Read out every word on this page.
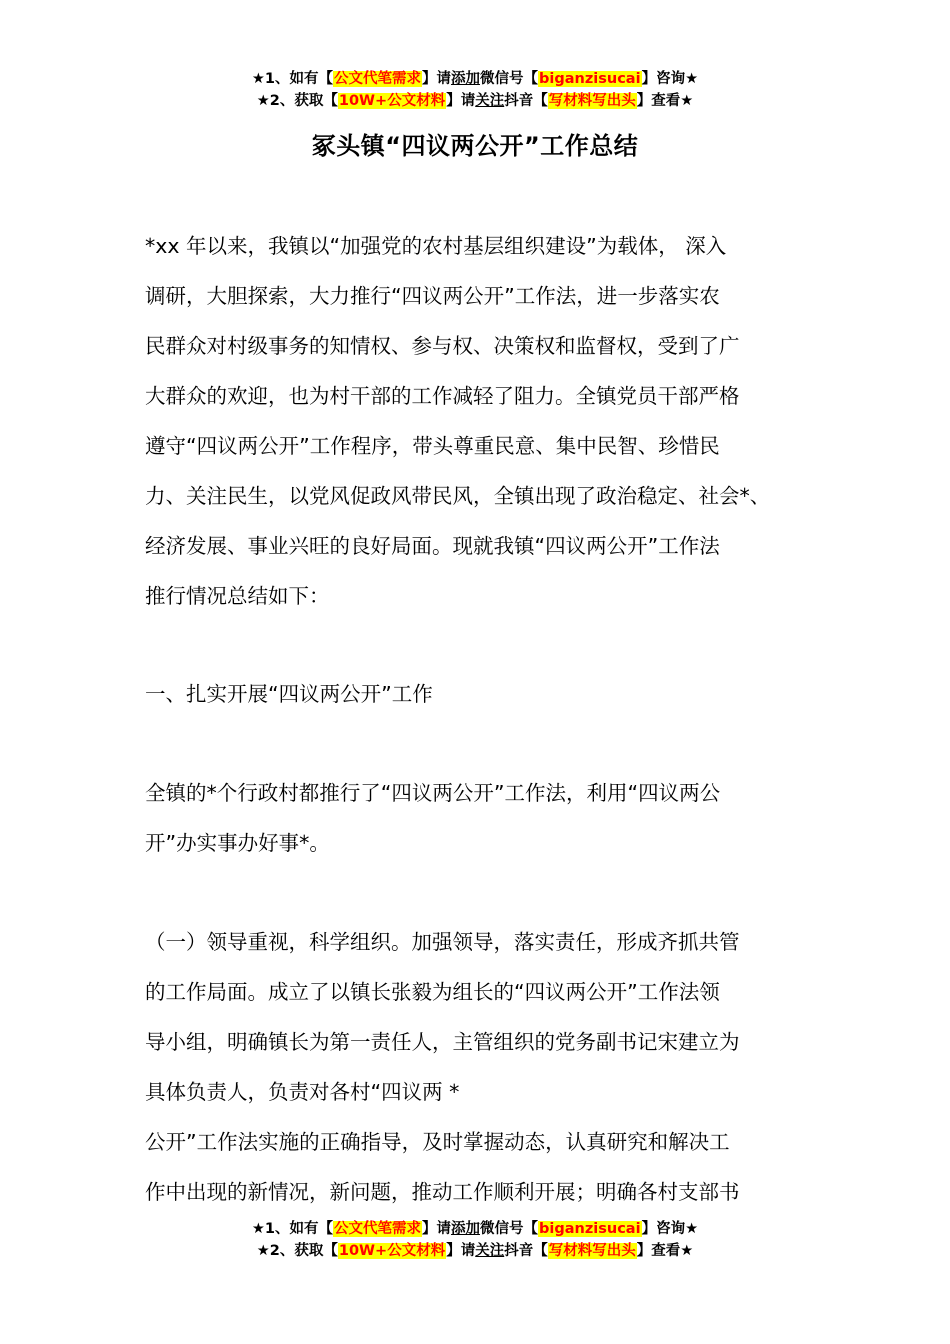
★1、如有【公文代笔需求】请添加微信号【biganzisucai】咨询★
★2、获取【10W+公文材料】请关注抖音【写材料写出头】查看★
冢头镇“四议两公开”工作总结

*xx 年以来，我镇以“加强党的农村基层组织建设”为载体， 深入

调研，大胆探索，大力推行“四议两公开”工作法，进一步落实农

民群众对村级事务的知情权、参与权、决策权和监督权，受到了广

大群众的欢迎，也为村干部的工作减轻了阻力。全镇党员干部严格

遵守“四议两公开”工作程序，带头尊重民意、集中民智、珍惜民

力、关注民生，以党风促政风带民风，全镇出现了政治稳定、社会*、

经济发展、事业兴旺的良好局面。现就我镇“四议两公开”工作法

推行情况总结如下：

一、扎实开展“四议两公开”工作

全镇的*个行政村都推行了“四议两公开”工作法，利用“四议两公

开”办实事办好事*。

（一）领导重视，科学组织。加强领导，落实责任，形成齐抓共管

的工作局面。成立了以镇长张毅为组长的“四议两公开”工作法领

导小组，明确镇长为第一责任人，主管组织的党务副书记宋建立为

具体负责人，负责对各村“四议两 *

公开”工作法实施的正确指导，及时掌握动态，认真研究和解决工

作中出现的新情况，新问题，推动工作顺利开展；明确各村支部书

★1、如有【公文代笔需求】请添加微信号【biganzisucai】咨询★
★2、获取【10W+公文材料】请关注抖音【写材料写出头】查看★
